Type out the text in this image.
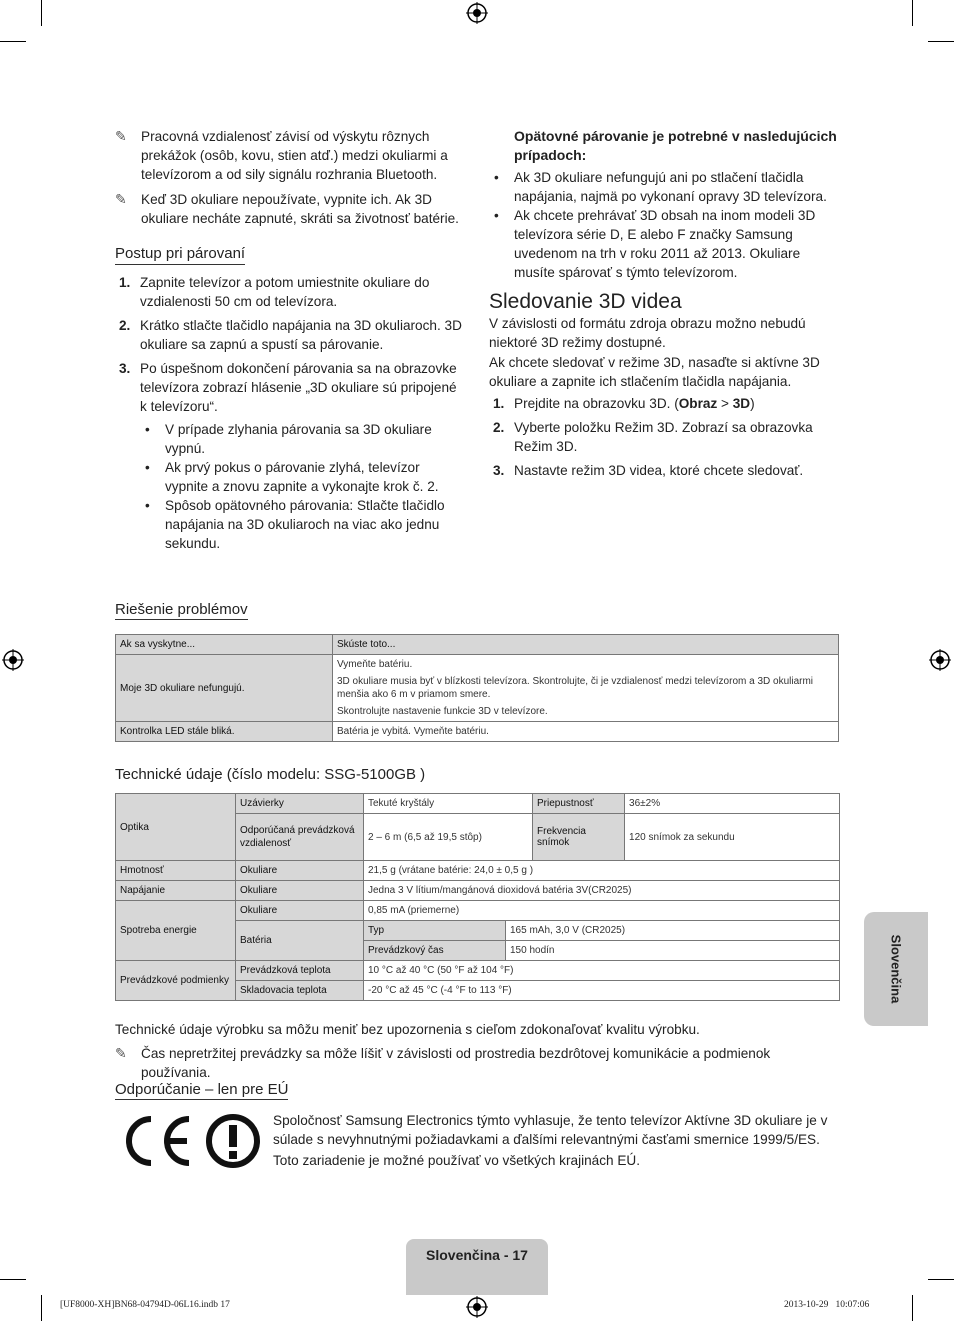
✎ Pracovná vzdialenosť závisí od výskytu rôznych prekážok (osôb, kovu, stien atď.) medzi okuliarmi a televízorom a od sily signálu rozhrania Bluetooth.
✎ Keď 3D okuliare nepoužívate, vypnite ich. Ak 3D okuliare necháte zapnuté, skráti sa životnosť batérie.
Postup pri párovaní
1. Zapnite televízor a potom umiestnite okuliare do vzdialenosti 50 cm od televízora.
2. Krátko stlačte tlačidlo napájania na 3D okuliaroch. 3D okuliare sa zapnú a spustí sa párovanie.
3. Po úspešnom dokončení párovania sa na obrazovke televízora zobrazí hlásenie „3D okuliare sú pripojené k televízoru“.
• V prípade zlyhania párovania sa 3D okuliare vypnú.
• Ak prvý pokus o párovanie zlyhá, televízor vypnite a znovu zapnite a vykonajte krok č. 2.
• Spôsob opätovného párovania: Stlačte tlačidlo napájania na 3D okuliaroch na viac ako jednu sekundu.
Opätovné párovanie je potrebné v nasledujúcich prípadoch:
• Ak 3D okuliare nefungujú ani po stlačení tlačidla napájania, najmä po vykonaní opravy 3D televízora.
• Ak chcete prehrávať 3D obsah na inom modeli 3D televízora série D, E alebo F značky Samsung uvedenom na trh v roku 2011 až 2013. Okuliare musíte spárovať s týmto televízorom.
Sledovanie 3D videa
V závislosti od formátu zdroja obrazu možno nebudú niektoré 3D režimy dostupné.
Ak chcete sledovať v režime 3D, nasaďte si aktívne 3D okuliare a zapnite ich stlačením tlačidla napájania.
1. Prejdite na obrazovku 3D. (Obraz > 3D)
2. Vyberte položku Režim 3D. Zobrazí sa obrazovka Režim 3D.
3. Nastavte režim 3D videa, ktoré chcete sledovať.
Riešenie problémov
Ak sa vyskytne...	Skúste toto...
Moje 3D okuliare nefungujú.	Vymeňte batériu.
3D okuliare musia byť v blízkosti televízora. Skontrolujte, či je vzdialenosť medzi televízorom a 3D okuliarmi menšia ako 6 m v priamom smere.
Skontrolujte nastavenie funkcie 3D v televízore.

Kontrolka LED stále bliká.	Batéria je vybitá. Vymeňte batériu.
Technické údaje (číslo modelu: SSG-5100GB )
Optika	Uzávierky	Tekuté kryštály		Priepustnosť	36±2%
	Odporúčaná prevádzková vzdialenosť	2 – 6 m (6,5 až 19,5 stôp)		Frekvencia snímok	120 snímok za sekundu
Hmotnosť	Okuliare	21,5 g (vrátane batérie: 24,0 ± 0,5 g )			
Napájanie	Okuliare	Jedna 3 V lítium/mangánová dioxidová batéria 3V(CR2025)			
Spotreba energie	Okuliare	0,85 mA (priemerne)			
	Batéria	Typ	165 mAh, 3,0 V (CR2025)		
		Prevádzkový čas	150 hodín		
Prevádzkové podmienky	Prevádzková teplota	10 °C až 40 °C (50 °F až 104 °F)			
	Skladovacia teplota	-20 °C až 45 °C (-4 °F to 113 °F)			
Technické údaje výrobku sa môžu meniť bez upozornenia s cieľom zdokonaľovať kvalitu výrobku.
✎ Čas nepretržitej prevádzky sa môže líšiť v závislosti od prostredia bezdrôtovej komunikácie a podmienok používania.
Odporúčanie – len pre EÚ
Spoločnosť Samsung Electronics týmto vyhlasuje, že tento televízor Aktívne 3D okuliare je v súlade s nevyhnutnými požiadavkami a ďalšími relevantnými časťami smernice 1999/5/ES.
Toto zariadenie je možné používať vo všetkých krajinách EÚ.
Slovenčina
Slovenčina - 17
[UF8000-XH]BN68-04794D-06L16.indb 17	2013-10-29   10:07:06
